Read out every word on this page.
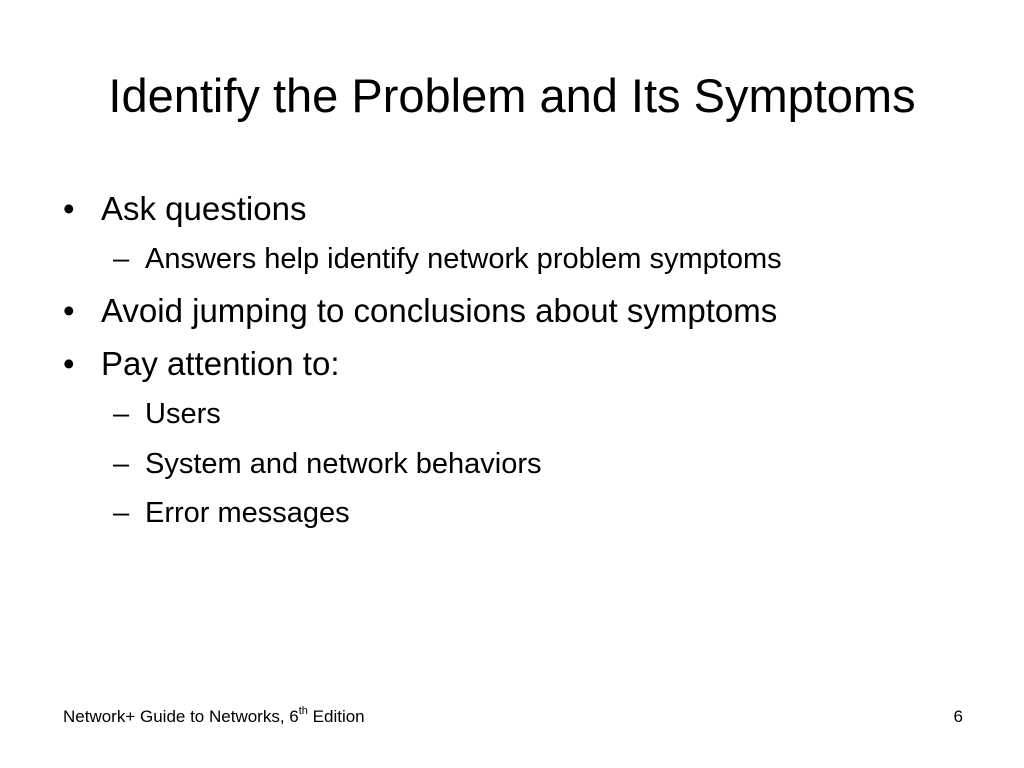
Identify the Problem and Its Symptoms
• Ask questions
– Answers help identify network problem symptoms
• Avoid jumping to conclusions about symptoms
• Pay attention to:
– Users
– System and network behaviors
– Error messages
Network+ Guide to Networks, 6th Edition	6
